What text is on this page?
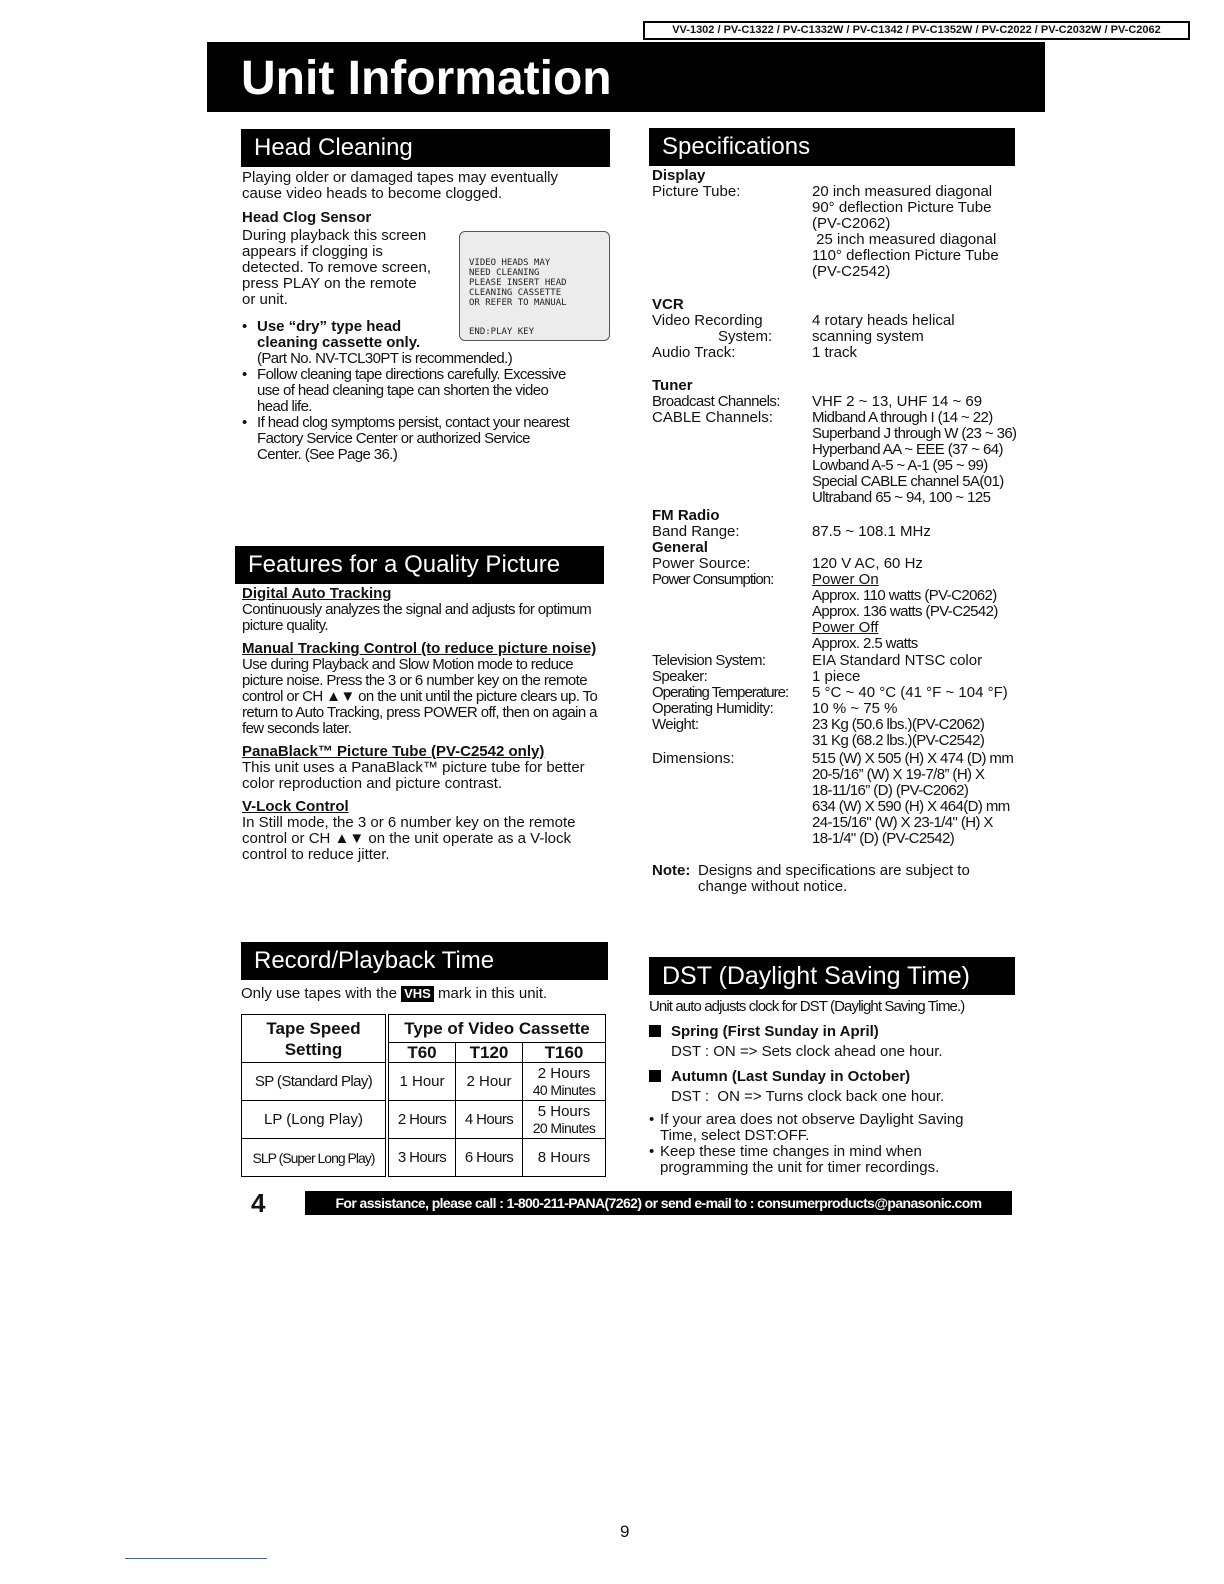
VV-1302 / PV-C1322 / PV-C1332W / PV-C1342 / PV-C1352W / PV-C2022 / PV-C2032W / PV-C2062
Unit Information
Head Cleaning

Playing older or damaged tapes may eventually cause video heads to become clogged.

Head Clog Sensor

During playback this screen
appears if clogging is
detected. To remove screen,
press PLAY on the remote
or unit.
VIDEO HEADS MAY
NEED CLEANING
PLEASE INSERT HEAD
CLEANING CASSETTE
OR REFER TO MANUAL
END:PLAY KEY
• Use “dry” type head
cleaning cassette only.
(Part No. NV-TCL30PT is recommended.)
• Follow cleaning tape directions carefully. Excessive use of head cleaning tape can shorten the video head life.
• If head clog symptoms persist, contact your nearest Factory Service Center or authorized Service Center. (See Page 36.)
Features for a Quality Picture

Digital Auto Tracking

Continuously analyzes the signal and adjusts for optimum picture quality.

Manual Tracking Control (to reduce picture noise)

Use during Playback and Slow Motion mode to reduce picture noise. Press the 3 or 6 number key on the remote control or CH ▲▼ on the unit until the picture clears up. To return to Auto Tracking, press POWER off, then on again a few seconds later.

PanaBlack™ Picture Tube (PV-C2542 only)

This unit uses a PanaBlack™ picture tube for better color reproduction and picture contrast.

V-Lock Control

In Still mode, the 3 or 6 number key on the remote control or CH ▲▼ on the unit operate as a V-lock control to reduce jitter.

Record/Playback Time

Only use tapes with the VHS mark in this unit.

Tape Speed
Setting	Type of Video Cassette		
	T60	T120	T160
SP (Standard Play)	1 Hour	2 Hour	2 Hours
40 Minutes

LP (Long Play)	2 Hours	4 Hours	5 Hours
20 Minutes

SLP (Super Long Play)	3 Hours	6 Hours	8 Hours
Specifications
Display
Picture Tube:	20 inch measured diagonal
90° deflection Picture Tube
(PV-C2062)
25 inch measured diagonal
110° deflection Picture Tube
(PV-C2542)
VCR
Video Recording	4 rotary heads helical
System:	scanning system
Audio Track:	1 track
Tuner
Broadcast Channels: VHF 2 ~ 13, UHF 14 ~ 69
CABLE Channels:	Midband A through I (14 ~ 22)
Superband J through W (23 ~ 36)
Hyperband AA ~ EEE (37 ~ 64)
Lowband A-5 ~ A-1 (95 ~ 99)
Special CABLE channel 5A(01)
Ultraband 65 ~ 94, 100 ~ 125
FM Radio
Band Range:	87.5 ~ 108.1 MHz
General
Power Source:	120 V AC, 60 Hz
Power Consumption:	Power On
Approx. 110 watts (PV-C2062)
Approx. 136 watts (PV-C2542)
Power Off
Approx. 2.5 watts
Television System:	EIA Standard NTSC color
Speaker:	1 piece
Operating Temperature: 5 °C ~ 40 °C (41 °F ~ 104 °F)
Operating Humidity:	10 % ~ 75 %
Weight:	23 Kg (50.6 lbs.)(PV-C2062)
31 Kg (68.2 lbs.)(PV-C2542)
Dimensions:	515 (W) X 505 (H) X 474 (D) mm
20-5/16” (W) X 19-7/8” (H) X
18-11/16” (D) (PV-C2062)
634 (W) X 590 (H) X 464(D) mm
24-15/16" (W) X 23-1/4" (H) X
18-1/4" (D) (PV-C2542)
Note: Designs and specifications are subject to
change without notice.
DST (Daylight Saving Time)

Unit auto adjusts clock for DST (Daylight Saving Time.)

Spring (First Sunday in April)

DST : ON => Sets clock ahead one hour.

Autumn (Last Sunday in October)

DST :  ON => Turns clock back one hour.

• If your area does not observe Daylight Saving Time, select DST:OFF.
• Keep these time changes in mind when programming the unit for timer recordings.
4	For assistance, please call : 1-800-211-PANA(7262) or send e-mail to : consumerproducts@panasonic.com
9
